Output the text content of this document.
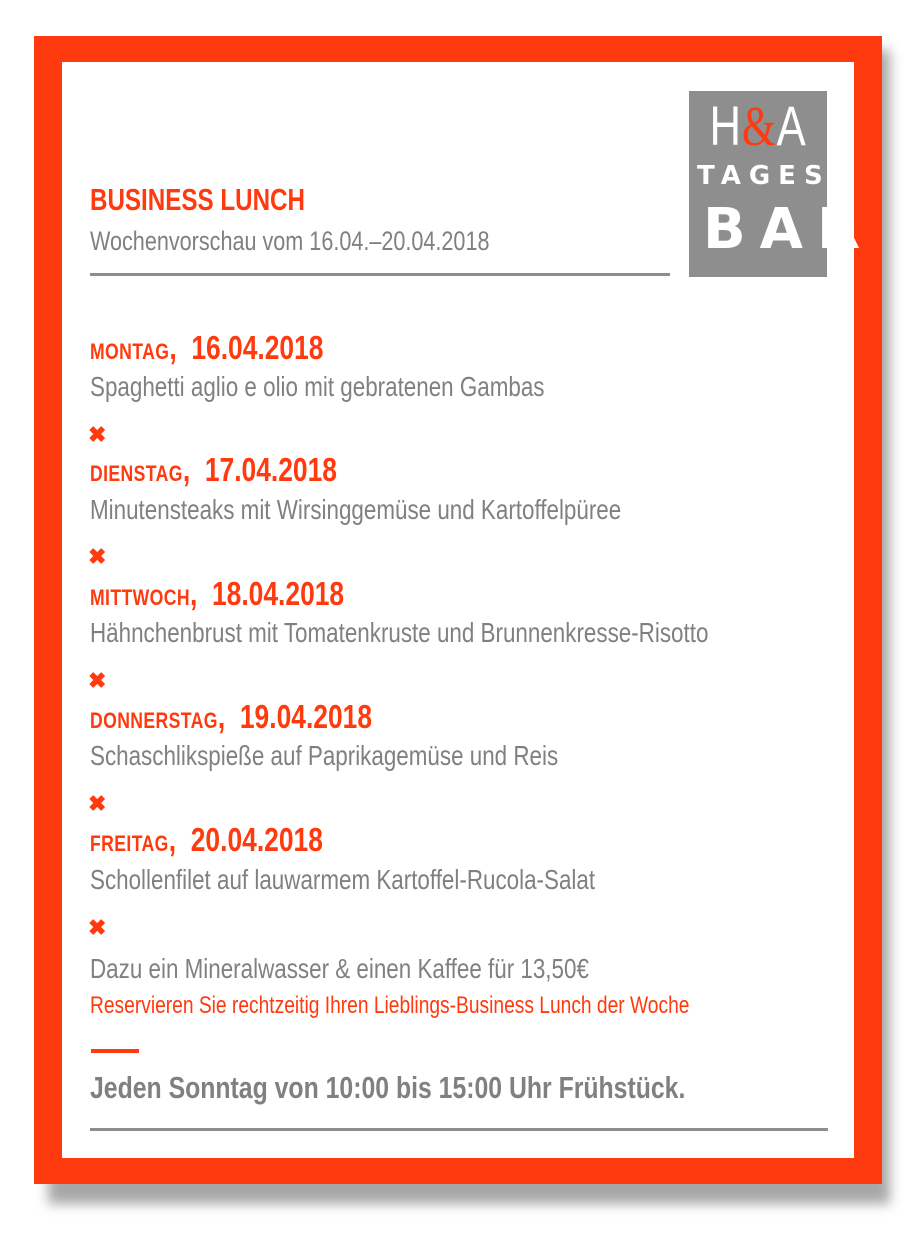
H&A
TAGES
BAR
BUSINESS LUNCH
Wochenvorschau vom 16.04.–20.04.2018
MONTAG,  16.04.2018
Spaghetti aglio e olio mit gebratenen Gambas
✖
DIENSTAG,  17.04.2018
Minutensteaks mit Wirsinggemüse und Kartoffelpüree
✖
MITTWOCH,  18.04.2018
Hähnchenbrust mit Tomatenkruste und Brunnenkresse-Risotto
✖
DONNERSTAG,  19.04.2018
Schaschlikspieße auf Paprikagemüse und Reis
✖
FREITAG,  20.04.2018
Schollenfilet auf lauwarmem Kartoffel-Rucola-Salat
✖
Dazu ein Mineralwasser & einen Kaffee für 13,50€
Reservieren Sie rechtzeitig Ihren Lieblings-Business Lunch der Woche
Jeden Sonntag von 10:00 bis 15:00 Uhr Frühstück.
